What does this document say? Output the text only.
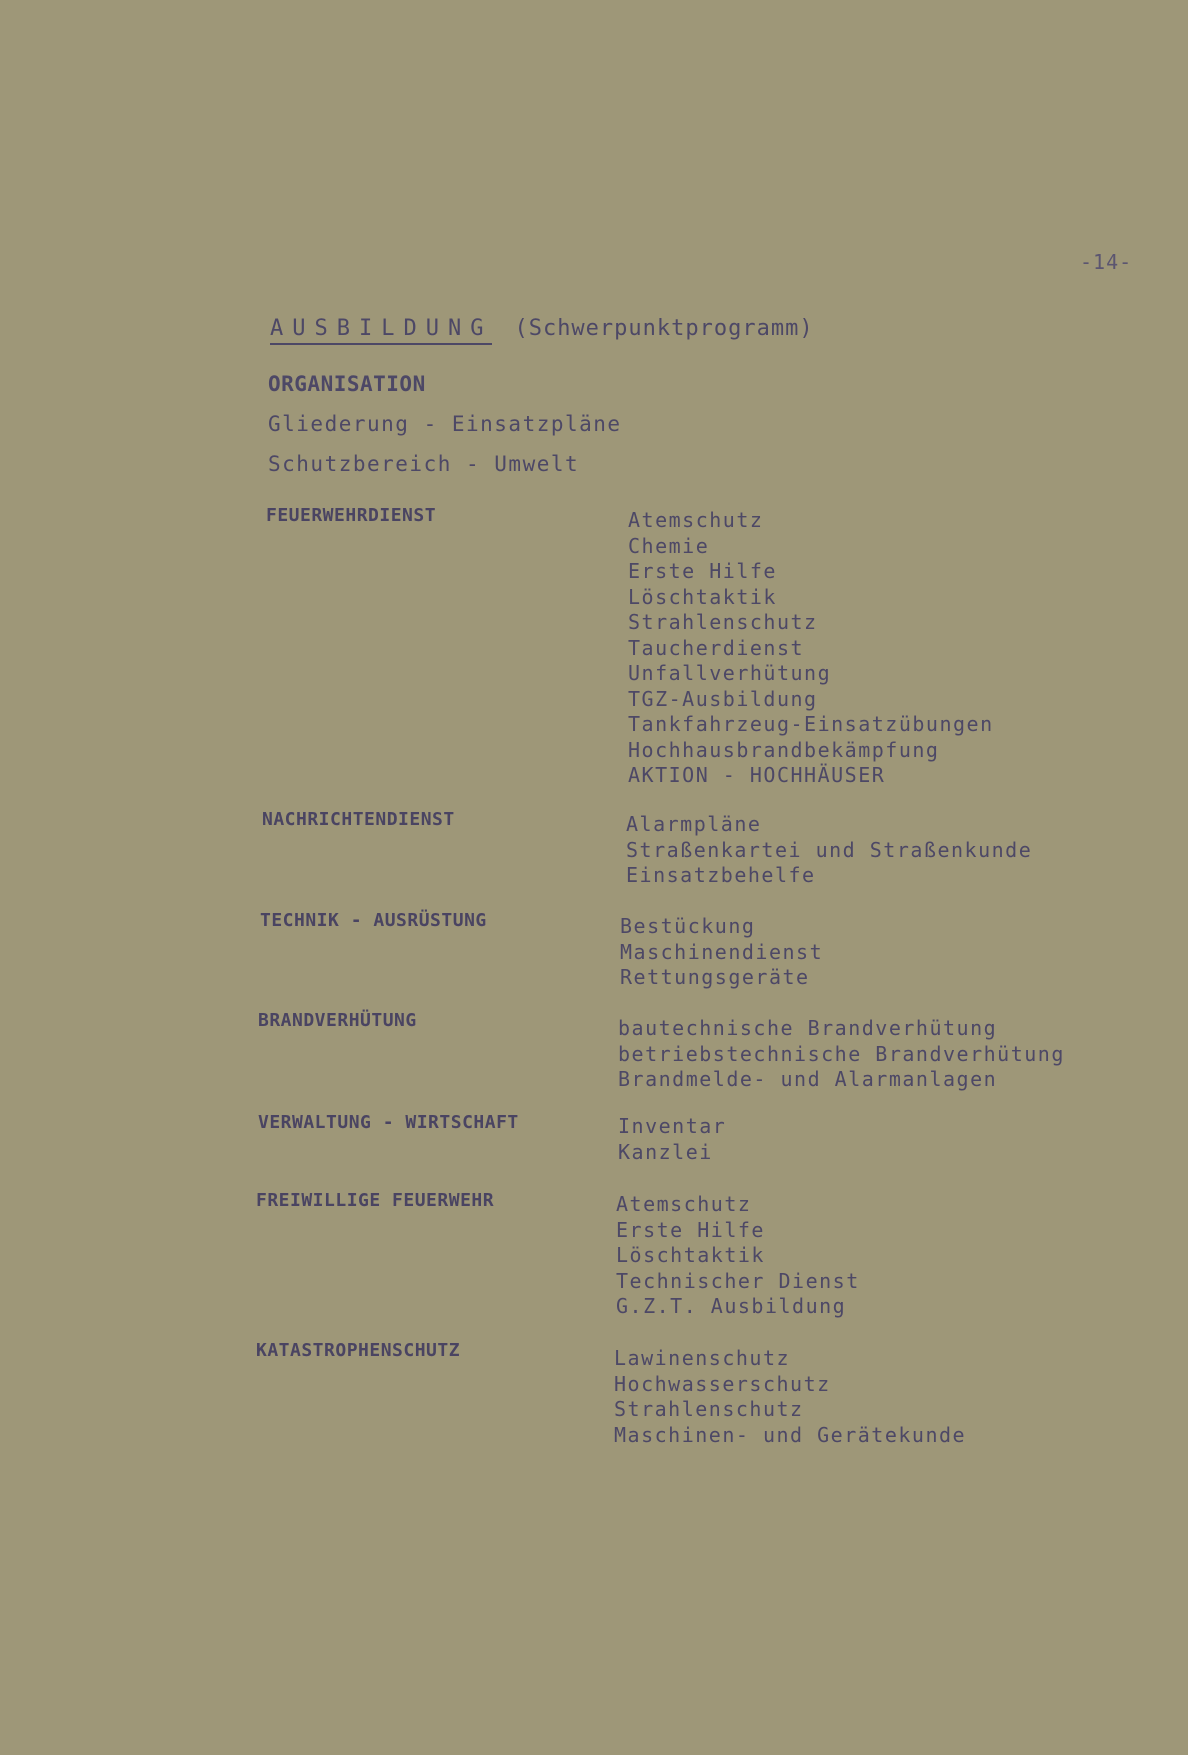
-14-
AUSBILDUNG (Schwerpunktprogramm)
ORGANISATION
Gliederung - Einsatzpläne
Schutzbereich - Umwelt
FEUERWEHRDIENST	Atemschutz
Chemie
Erste Hilfe
Löschtaktik
Strahlenschutz
Taucherdienst
Unfallverhütung
TGZ-Ausbildung
Tankfahrzeug-Einsatzübungen
Hochhausbrandbekämpfung
AKTION - HOCHHÄUSER
NACHRICHTENDIENST	Alarmpläne
Straßenkartei und Straßenkunde
Einsatzbehelfe
TECHNIK - AUSRÜSTUNG	Bestückung
Maschinendienst
Rettungsgeräte
BRANDVERHÜTUNG	bautechnische Brandverhütung
betriebstechnische Brandverhütung
Brandmelde- und Alarmanlagen
VERWALTUNG - WIRTSCHAFT	Inventar
Kanzlei
FREIWILLIGE FEUERWEHR	Atemschutz
Erste Hilfe
Löschtaktik
Technischer Dienst
G.Z.T. Ausbildung
KATASTROPHENSCHUTZ	Lawinenschutz
Hochwasserschutz
Strahlenschutz
Maschinen- und Gerätekunde
